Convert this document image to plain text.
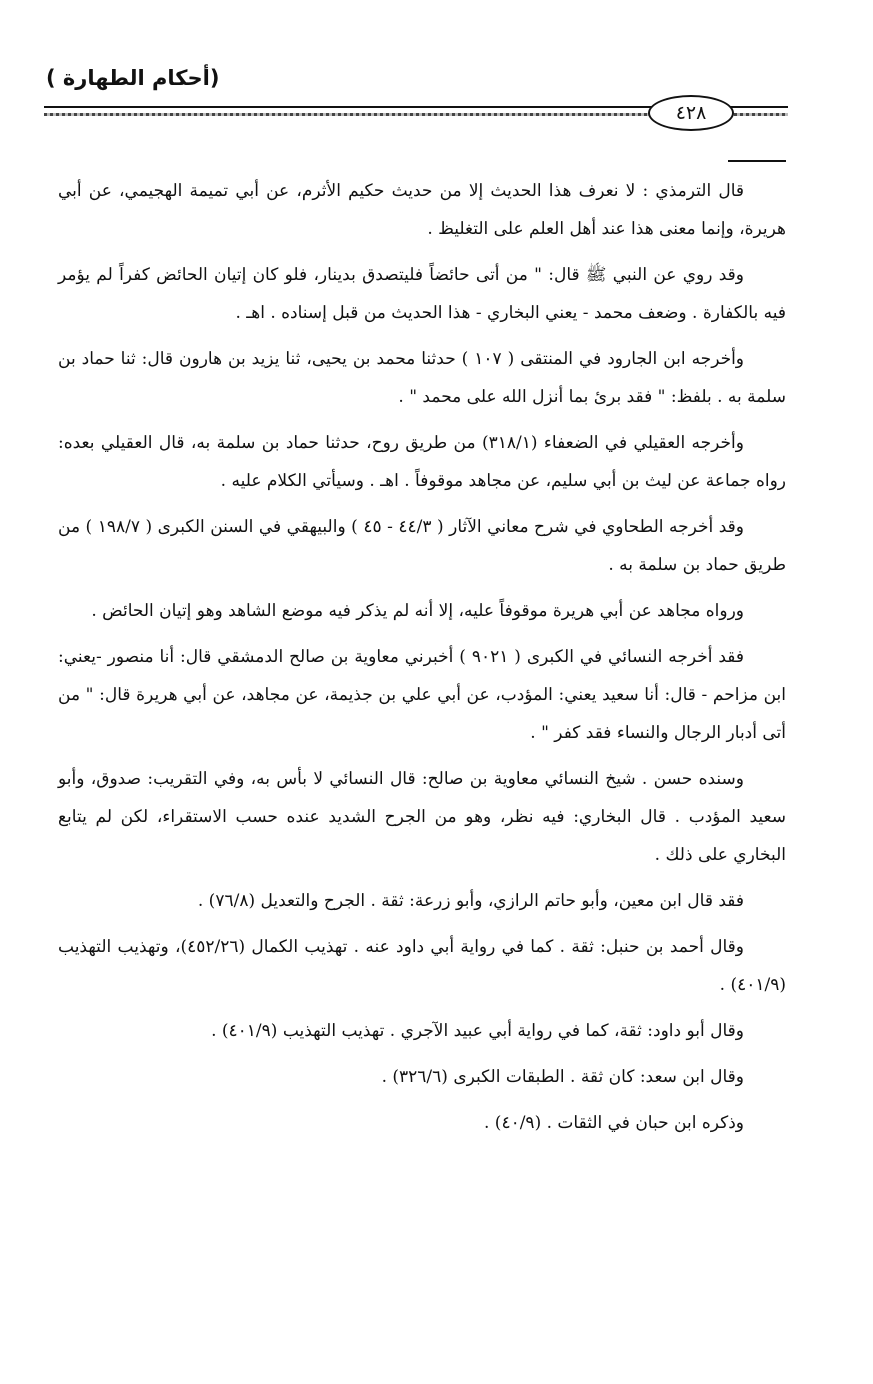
(أحكام الطهارة )
٤٢٨

قال الترمذي : لا نعرف هذا الحديث إلا من حديث حكيم الأثرم، عن أبي تميمة الهجيمي، عن أبي هريرة، وإنما معنى هذا عند أهل العلم على التغليظ .

وقد روي عن النبي ﷺ قال: " من أتى حائضاً فليتصدق بدينار، فلو كان إتيان الحائض كفراً لم يؤمر فيه بالكفارة . وضعف محمد - يعني البخاري - هذا الحديث من قبل إسناده . اهـ .

وأخرجه ابن الجارود في المنتقى ( ١٠٧ ) حدثنا محمد بن يحيى، ثنا يزيد بن هارون قال: ثنا حماد بن سلمة به . بلفظ: " فقد برئ بما أنزل الله على محمد " .

وأخرجه العقيلي في الضعفاء (٣١٨/١) من طريق روح، حدثنا حماد بن سلمة به، قال العقيلي بعده: رواه جماعة عن ليث بن أبي سليم، عن مجاهد موقوفاً . اهـ . وسيأتي الكلام عليه .

وقد أخرجه الطحاوي في شرح معاني الآثار ( ٤٤/٣ - ٤٥ ) والبيهقي في السنن الكبرى ( ١٩٨/٧ ) من طريق حماد بن سلمة به .

ورواه مجاهد عن أبي هريرة موقوفاً عليه، إلا أنه لم يذكر فيه موضع الشاهد وهو إتيان الحائض .

فقد أخرجه النسائي في الكبرى ( ٩٠٢١ ) أخبرني معاوية بن صالح الدمشقي قال: أنا منصور -يعني: ابن مزاحم - قال: أنا سعيد يعني: المؤدب، عن أبي علي بن جذيمة، عن مجاهد، عن أبي هريرة قال: " من أتى أدبار الرجال والنساء فقد كفر " .

وسنده حسن . شيخ النسائي معاوية بن صالح: قال النسائي لا بأس به، وفي التقريب: صدوق، وأبو سعيد المؤدب . قال البخاري: فيه نظر، وهو من الجرح الشديد عنده حسب الاستقراء، لكن لم يتابع البخاري على ذلك .

فقد قال ابن معين، وأبو حاتم الرازي، وأبو زرعة: ثقة . الجرح والتعديل (٧٦/٨) .

وقال أحمد بن حنبل: ثقة . كما في رواية أبي داود عنه . تهذيب الكمال (٤٥٢/٢٦)، وتهذيب التهذيب (٤٠١/٩) .

وقال أبو داود: ثقة، كما في رواية أبي عبيد الآجري . تهذيب التهذيب (٤٠١/٩) .

وقال ابن سعد: كان ثقة . الطبقات الكبرى (٣٢٦/٦) .

وذكره ابن حبان في الثقات . (٤٠/٩) .
